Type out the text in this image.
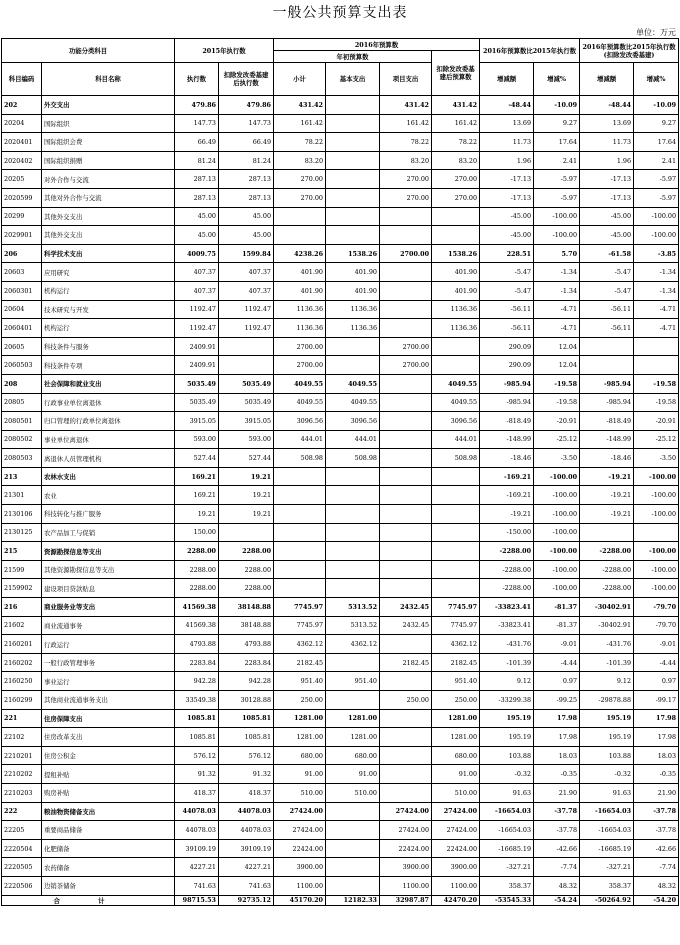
一般公共预算支出表
单位：万元
功能分类科目		2015年执行数		2016年预算数				2016年预算数比2015年执行数		2016年预算数比2015年执行数(扣除发改委基建)	
				年初预算数			扣除发改委基建后预算数				
科目编码	科目名称	执行数	扣除发改委基建后执行数	小计	基本支出	项目支出		增减额	增减%	增减额	增减%
202	外交支出	479.86	479.86	431.42		431.42	431.42	-48.44	-10.09	-48.44	-10.09
20204	国际组织	147.73	147.73	161.42		161.42	161.42	13.69	9.27	13.69	9.27
2020401	国际组织会费	66.49	66.49	78.22		78.22	78.22	11.73	17.64	11.73	17.64
2020402	国际组织捐赠	81.24	81.24	83.20		83.20	83.20	1.96	2.41	1.96	2.41
20205	对外合作与交流	287.13	287.13	270.00		270.00	270.00	-17.13	-5.97	-17.13	-5.97
2020599	其他对外合作与交流	287.13	287.13	270.00		270.00	270.00	-17.13	-5.97	-17.13	-5.97
20299	其他外交支出	45.00	45.00					-45.00	-100.00	-45.00	-100.00
2029901	其他外交支出	45.00	45.00					-45.00	-100.00	-45.00	-100.00
206	科学技术支出	4009.75	1599.84	4238.26	1538.26	2700.00	1538.26	228.51	5.70	-61.58	-3.85
20603	应用研究	407.37	407.37	401.90	401.90		401.90	-5.47	-1.34	-5.47	-1.34
2060301	机构运行	407.37	407.37	401.90	401.90		401.90	-5.47	-1.34	-5.47	-1.34
20604	技术研究与开发	1192.47	1192.47	1136.36	1136.36		1136.36	-56.11	-4.71	-56.11	-4.71
2060401	机构运行	1192.47	1192.47	1136.36	1136.36		1136.36	-56.11	-4.71	-56.11	-4.71
20605	科技条件与服务	2409.91		2700.00		2700.00		290.09	12.04		
2060503	科技条件专项	2409.91		2700.00		2700.00		290.09	12.04		
208	社会保障和就业支出	5035.49	5035.49	4049.55	4049.55		4049.55	-985.94	-19.58	-985.94	-19.58
20805	行政事业单位离退休	5035.49	5035.49	4049.55	4049.55		4049.55	-985.94	-19.58	-985.94	-19.58
2080501	归口管理的行政单位离退休	3915.05	3915.05	3096.56	3096.56		3096.56	-818.49	-20.91	-818.49	-20.91
2080502	事业单位离退休	593.00	593.00	444.01	444.01		444.01	-148.99	-25.12	-148.99	-25.12
2080503	离退休人员管理机构	527.44	527.44	508.98	508.98		508.98	-18.46	-3.50	-18.46	-3.50
213	农林水支出	169.21	19.21					-169.21	-100.00	-19.21	-100.00
21301	农业	169.21	19.21					-169.21	-100.00	-19.21	-100.00
2130106	科技转化与推广服务	19.21	19.21					-19.21	-100.00	-19.21	-100.00
2130125	农产品加工与促销	150.00						-150.00	-100.00		
215	资源勘探信息等支出	2288.00	2288.00					-2288.00	-100.00	-2288.00	-100.00
21599	其他资源勘探信息等支出	2288.00	2288.00					-2288.00	-100.00	-2288.00	-100.00
2159902	建设项目贷款贴息	2288.00	2288.00					-2288.00	-100.00	-2288.00	-100.00
216	商业服务业等支出	41569.38	38148.88	7745.97	5313.52	2432.45	7745.97	-33823.41	-81.37	-30402.91	-79.70
21602	商业流通事务	41569.38	38148.88	7745.97	5313.52	2432.45	7745.97	-33823.41	-81.37	-30402.91	-79.70
2160201	行政运行	4793.88	4793.88	4362.12	4362.12		4362.12	-431.76	-9.01	-431.76	-9.01
2160202	一般行政管理事务	2283.84	2283.84	2182.45		2182.45	2182.45	-101.39	-4.44	-101.39	-4.44
2160250	事业运行	942.28	942.28	951.40	951.40		951.40	9.12	0.97	9.12	0.97
2160299	其他商业流通事务支出	33549.38	30128.88	250.00		250.00	250.00	-33299.38	-99.25	-29878.88	-99.17
221	住房保障支出	1085.81	1085.81	1281.00	1281.00		1281.00	195.19	17.98	195.19	17.98
22102	住房改革支出	1085.81	1085.81	1281.00	1281.00		1281.00	195.19	17.98	195.19	17.98
2210201	住房公积金	576.12	576.12	680.00	680.00		680.00	103.88	18.03	103.88	18.03
2210202	提租补贴	91.32	91.32	91.00	91.00		91.00	-0.32	-0.35	-0.32	-0.35
2210203	购房补贴	418.37	418.37	510.00	510.00		510.00	91.63	21.90	91.63	21.90
222	粮油物资储备支出	44078.03	44078.03	27424.00		27424.00	27424.00	-16654.03	-37.78	-16654.03	-37.78
22205	重要商品储备	44078.03	44078.03	27424.00		27424.00	27424.00	-16654.03	-37.78	-16654.03	-37.78
2220504	化肥储备	39109.19	39109.19	22424.00		22424.00	22424.00	-16685.19	-42.66	-16685.19	-42.66
2220505	农药储备	4227.21	4227.21	3900.00		3900.00	3900.00	-327.21	-7.74	-327.21	-7.74
2220506	边销茶储备	741.63	741.63	1100.00		1100.00	1100.00	358.37	48.32	358.37	48.32
合 计		98715.53	92735.12	45170.20	12182.33	32987.87	42470.20	-53545.33	-54.24	-50264.92	-54.20
